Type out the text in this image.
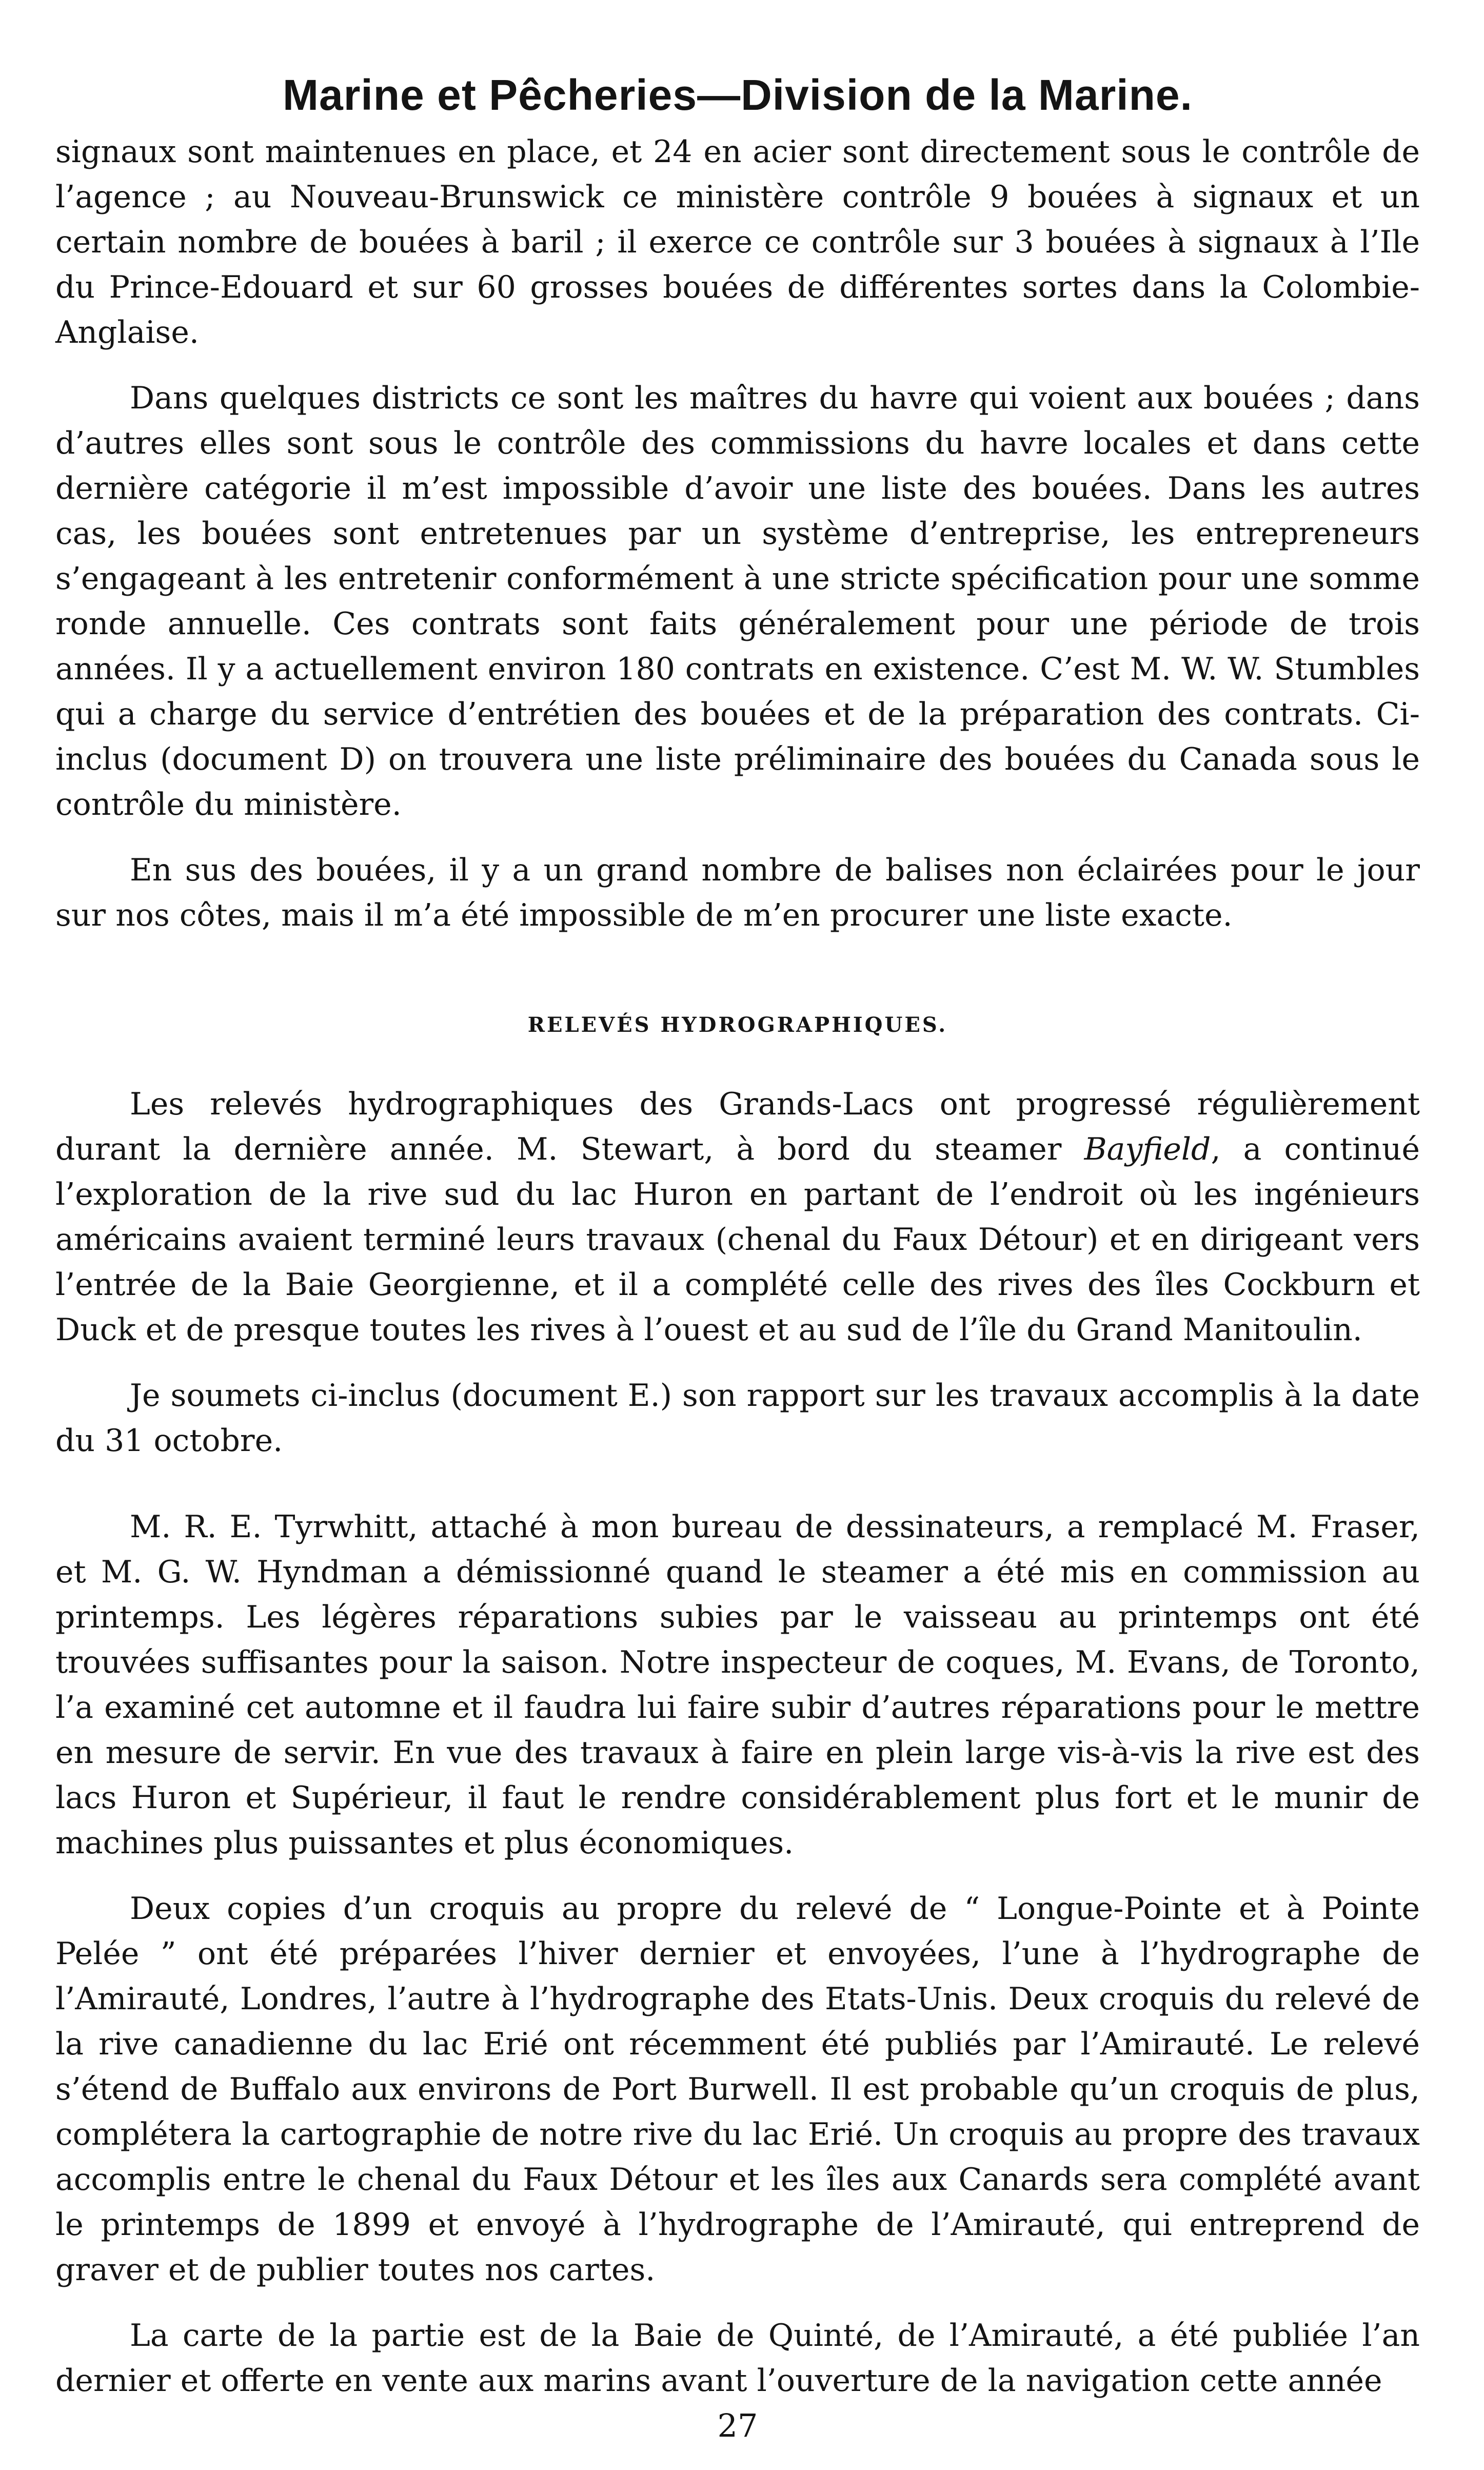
Marine et Pêcheries—Division de la Marine.

signaux sont maintenues en place, et 24 en acier sont directement sous le contrôle de l’agence ; au Nouveau-Brunswick ce ministère contrôle 9 bouées à signaux et un certain nombre de bouées à baril ; il exerce ce contrôle sur 3 bouées à signaux à l’Ile du Prince-Edouard et sur 60 grosses bouées de différentes sortes dans la Colombie-Anglaise.

Dans quelques districts ce sont les maîtres du havre qui voient aux bouées ; dans d’autres elles sont sous le contrôle des commissions du havre locales et dans cette dernière catégorie il m’est impossible d’avoir une liste des bouées. Dans les autres cas, les bouées sont entretenues par un système d’entreprise, les entrepreneurs s’engageant à les entretenir conformément à une stricte spécification pour une somme ronde annuelle. Ces contrats sont faits généralement pour une période de trois années. Il y a actuellement environ 180 contrats en existence. C’est M. W. W. Stumbles qui a charge du service d’entrétien des bouées et de la préparation des contrats. Ci-inclus (document D) on trouvera une liste préliminaire des bouées du Canada sous le contrôle du ministère.

En sus des bouées, il y a un grand nombre de balises non éclairées pour le jour sur nos côtes, mais il m’a été impossible de m’en procurer une liste exacte.

RELEVÉS HYDROGRAPHIQUES.

Les relevés hydrographiques des Grands-Lacs ont progressé régulièrement durant la dernière année. M. Stewart, à bord du steamer Bayfield, a continué l’exploration de la rive sud du lac Huron en partant de l’endroit où les ingénieurs américains avaient terminé leurs travaux (chenal du Faux Détour) et en dirigeant vers l’entrée de la Baie Georgienne, et il a complété celle des rives des îles Cockburn et Duck et de presque toutes les rives à l’ouest et au sud de l’île du Grand Manitoulin.

Je soumets ci-inclus (document E.) son rapport sur les travaux accomplis à la date du 31 octobre.

M. R. E. Tyrwhitt, attaché à mon bureau de dessinateurs, a remplacé M. Fraser, et M. G. W. Hyndman a démissionné quand le steamer a été mis en commission au printemps. Les légères réparations subies par le vaisseau au printemps ont été trouvées suffisantes pour la saison. Notre inspecteur de coques, M. Evans, de Toronto, l’a examiné cet automne et il faudra lui faire subir d’autres réparations pour le mettre en mesure de servir. En vue des travaux à faire en plein large vis-à-vis la rive est des lacs Huron et Supérieur, il faut le rendre considérablement plus fort et le munir de machines plus puissantes et plus économiques.

Deux copies d’un croquis au propre du relevé de “ Longue-Pointe et à Pointe Pelée ” ont été préparées l’hiver dernier et envoyées, l’une à l’hydrographe de l’Amirauté, Londres, l’autre à l’hydrographe des Etats-Unis. Deux croquis du relevé de la rive canadienne du lac Erié ont récemment été publiés par l’Amirauté. Le relevé s’étend de Buffalo aux environs de Port Burwell. Il est probable qu’un croquis de plus, complétera la cartographie de notre rive du lac Erié. Un croquis au propre des travaux accomplis entre le chenal du Faux Détour et les îles aux Canards sera complété avant le printemps de 1899 et envoyé à l’hydrographe de l’Amirauté, qui entreprend de graver et de publier toutes nos cartes.

La carte de la partie est de la Baie de Quinté, de l’Amirauté, a été publiée l’an dernier et offerte en vente aux marins avant l’ouverture de la navigation cette année

27
